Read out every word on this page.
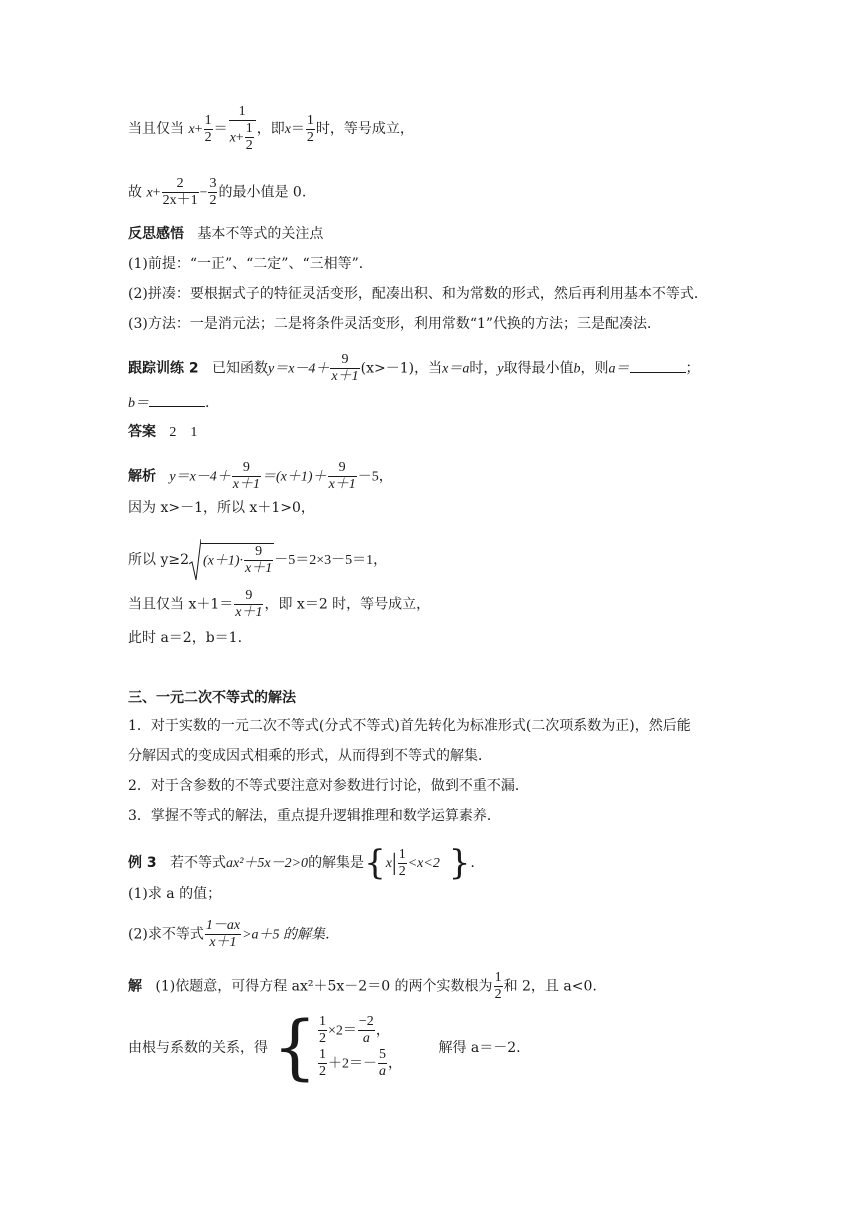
当且仅当 $x+ \frac{1}{2} = \frac{1}{x+ \frac{1}{2}}$ ，即$x= \frac{1}{2}$ 时，等号成立，
故 $x+ \frac{2}{2x+1} - \frac{3}{2}$ 的最小值是 0.
反思感悟 基本不等式的关注点
(1)前提：“一正”、“二定”、“三相等”．
(2)拼凑：要根据式子的特征灵活变形，配凑出积、和为常数的形式，然后再利用基本不等式．
(3)方法：一是消元法；二是将条件灵活变形，利用常数“1”代换的方法；三是配凑法．
跟踪训练 2 已知函数$y=x-4+ \frac{9}{x+1} (x>-1)$，当x＝a时，y取得最小值b，则a＝	；
b＝	.
答案 2　1
解析 $y=x-4+ \frac{9}{x+1} =(x+1)+ \frac{9}{x+1} -5$，
因为 x>－1，所以 x＋1>0，
所以 y≥2 $(x+1)\cdot \frac{9}{x+1} -5=2\times 3-5=1$，
当且仅当 $x+1= \frac{9}{x+1}$ ，即 x＝2 时，等号成立，
此时 a＝2，b＝1.
三、一元二次不等式的解法
1．对于实数的一元二次不等式(分式不等式)首先转化为标准形式(二次项系数为正)，然后能
分解因式的变成因式相乘的形式，从而得到不等式的解集．
2．对于含参数的不等式要注意对参数进行讨论，做到不重不漏．
3．掌握不等式的解法，重点提升逻辑推理和数学运算素养．
例 3 若不等式ax²＋5x－2>0的解集是{$x| \frac{1}{2} <x<2$ }.
(1)求 a 的值；
(2)求不等式 $\frac{1-ax}{x+1} >a+5$ 的解集．
解 (1)依题意，可得方程 ax²＋5x－2＝0 的两个实数根为 $\frac{1}{2}$ 和 2，且 a<0.
由根与系数的关系，得 { $\frac{1}{2} \times 2= \frac{-2}{a}$ ，
$\frac{1}{2} +2=- \frac{5}{a}$ ，
解得 a＝－2.
